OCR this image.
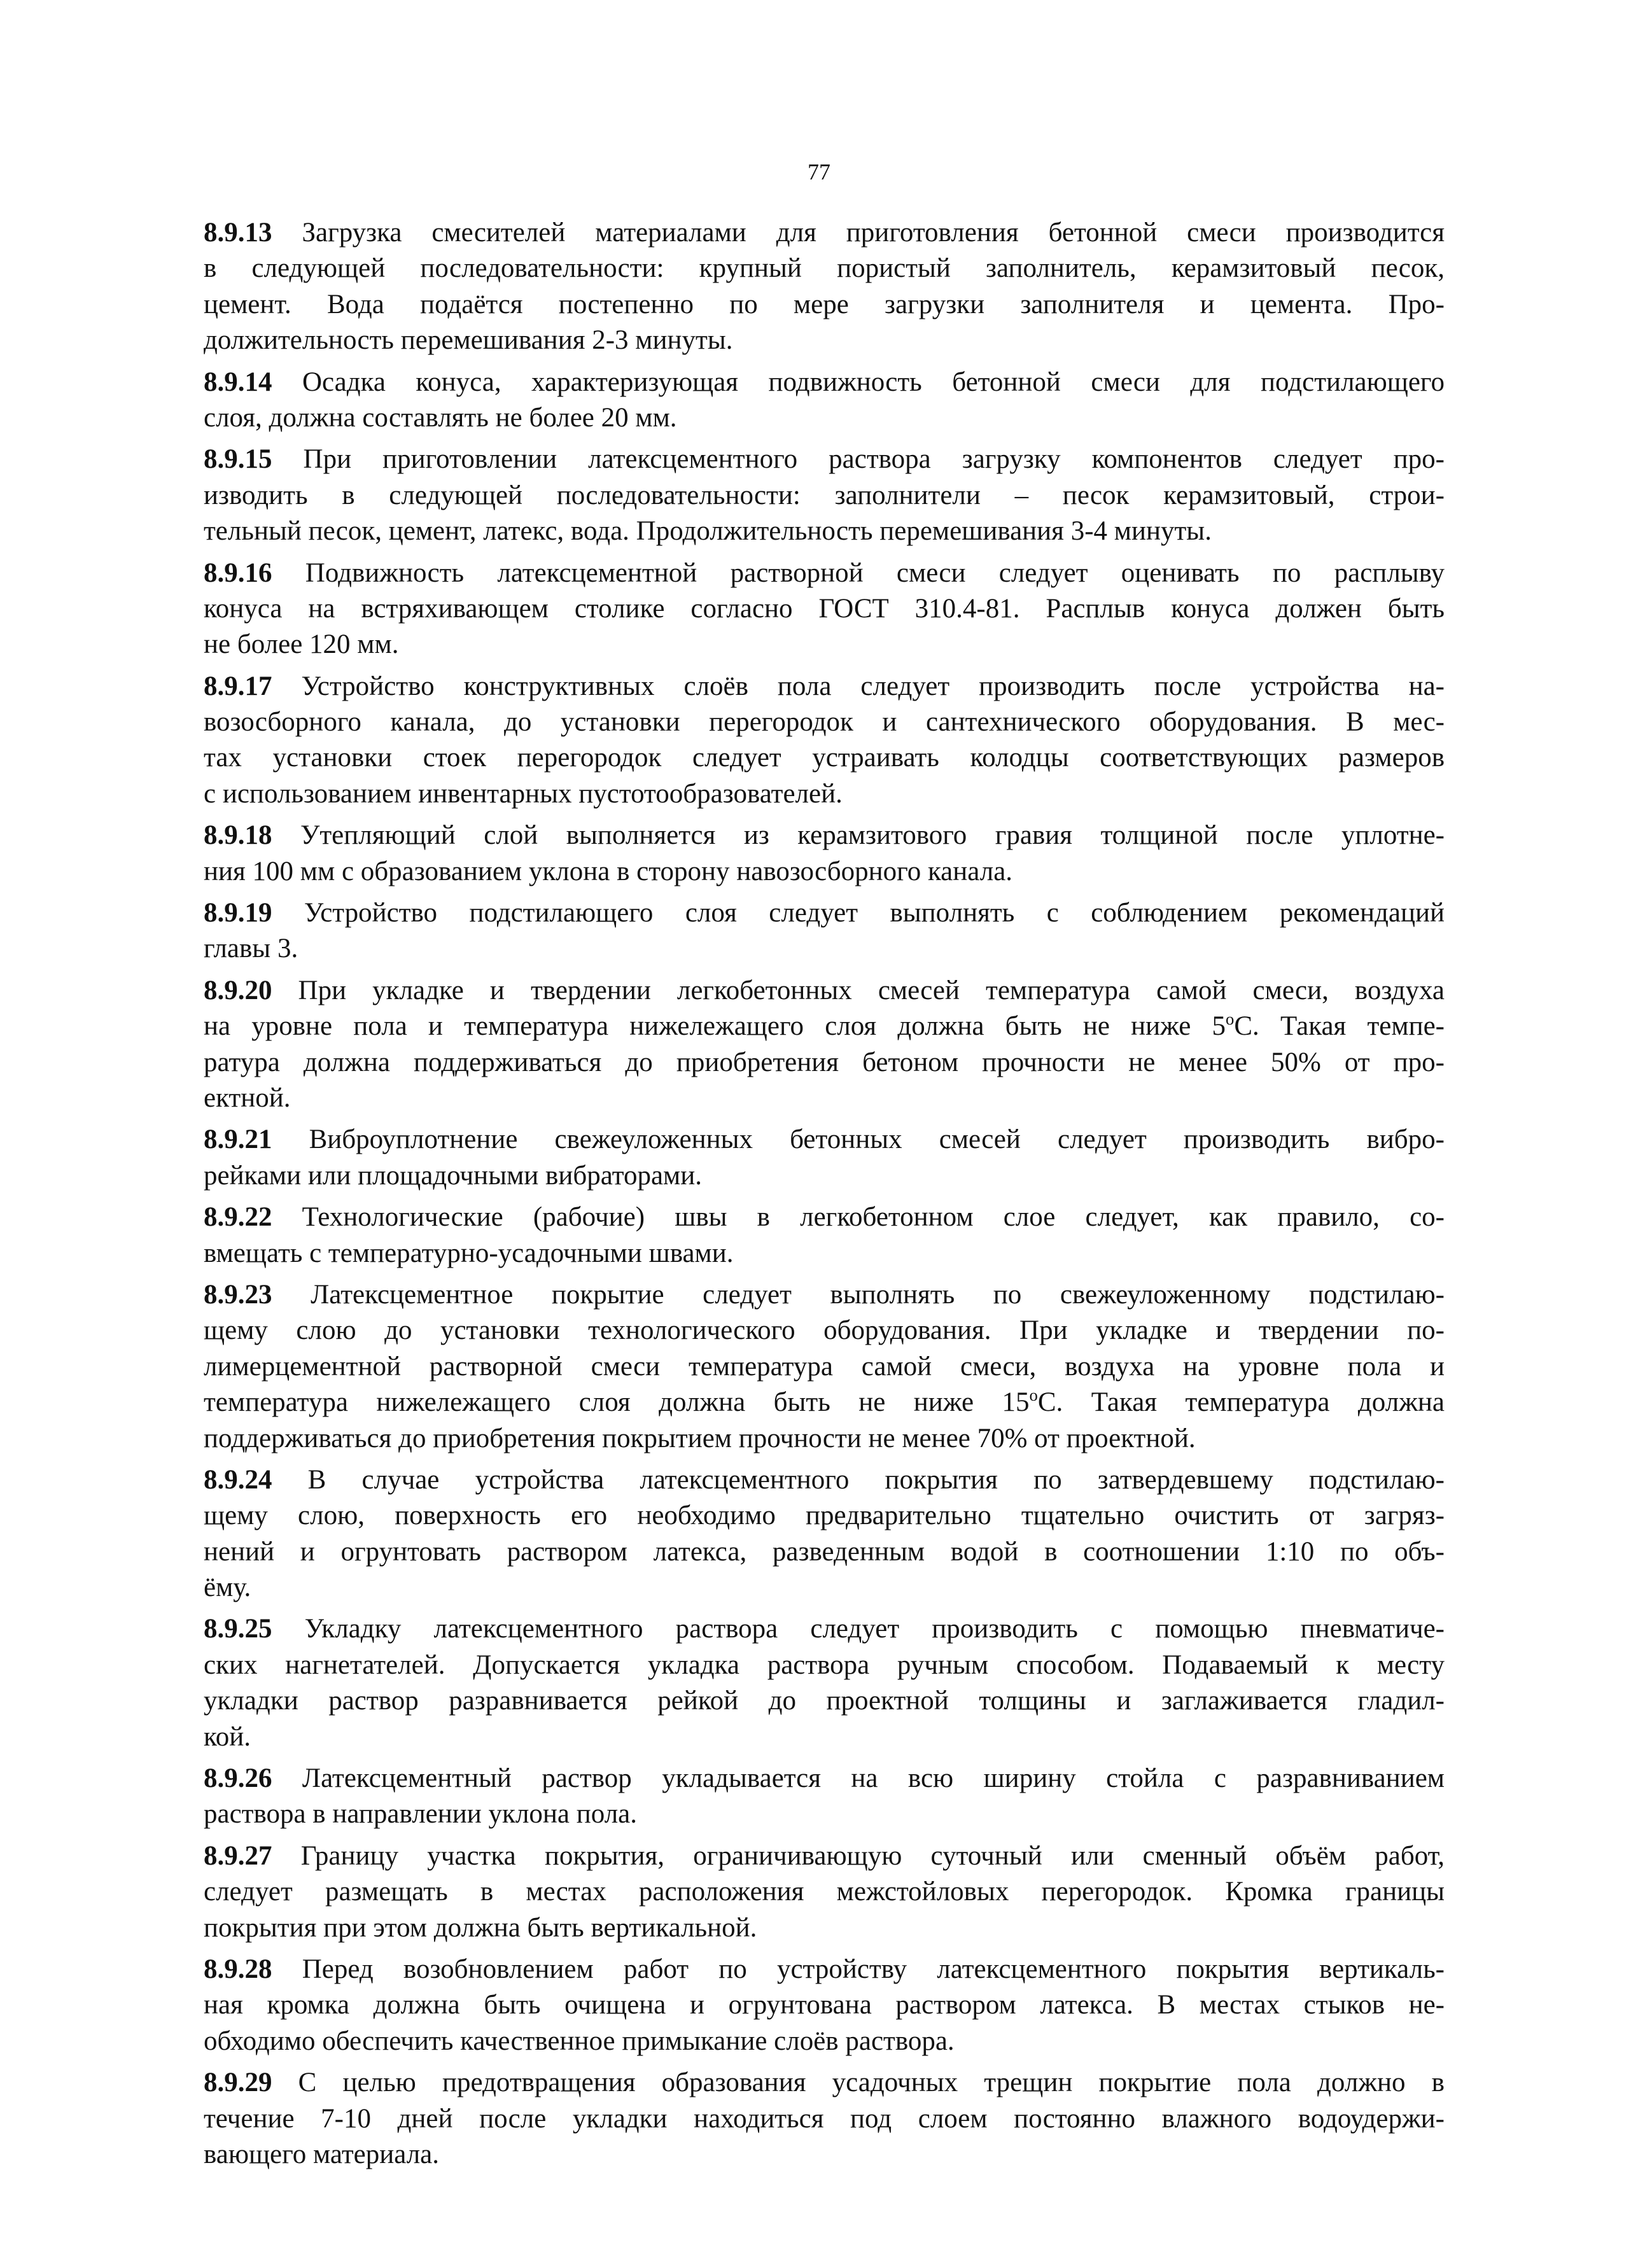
77
8.9.13 Загрузка смесителей материалами для приготовления бетонной смеси производится
в следующей последовательности: крупный пористый заполнитель, керамзитовый песок,
цемент. Вода подаётся постепенно по мере загрузки заполнителя и цемента. Про-
должительность перемешивания 2-3 минуты.
8.9.14 Осадка конуса, характеризующая подвижность бетонной смеси для подстилающего
слоя, должна составлять не более 20 мм.
8.9.15 При приготовлении латексцементного раствора загрузку компонентов следует про-
изводить в следующей последовательности: заполнители – песок керамзитовый, строи-
тельный песок, цемент, латекс, вода. Продолжительность перемешивания 3-4 минуты.
8.9.16 Подвижность латексцементной растворной смеси следует оценивать по расплыву
конуса на встряхивающем столике согласно ГОСТ 310.4-81. Расплыв конуса должен быть
не более 120 мм.
8.9.17 Устройство конструктивных слоёв пола следует производить после устройства на-
возосборного канала, до установки перегородок и сантехнического оборудования. В мес-
тах установки стоек перегородок следует устраивать колодцы соответствующих размеров
с использованием инвентарных пустотообразователей.
8.9.18 Утепляющий слой выполняется из керамзитового гравия толщиной после уплотне-
ния 100 мм с образованием уклона в сторону навозосборного канала.
8.9.19 Устройство подстилающего слоя следует выполнять с соблюдением рекомендаций
главы 3.
8.9.20 При укладке и твердении легкобетонных смесей температура самой смеси, воздуха
на уровне пола и температура нижележащего слоя должна быть не ниже 5$^o$С. Такая темпе-
ратура должна поддерживаться до приобретения бетоном прочности не менее 50% от про-
ектной.
8.9.21 Виброуплотнение свежеуложенных бетонных смесей следует производить вибро-
рейками или площадочными вибраторами.
8.9.22 Технологические (рабочие) швы в легкобетонном слое следует, как правило, со-
вмещать с температурно-усадочными швами.
8.9.23 Латексцементное покрытие следует выполнять по свежеуложенному подстилаю-
щему слою до установки технологического оборудования. При укладке и твердении по-
лимерцементной растворной смеси температура самой смеси, воздуха на уровне пола и
температура нижележащего слоя должна быть не ниже 15$^o$С. Такая температура должна
поддерживаться до приобретения покрытием прочности не менее 70% от проектной.
8.9.24 В случае устройства латексцементного покрытия по затвердевшему подстилаю-
щему слою, поверхность его необходимо предварительно тщательно очистить от загряз-
нений и огрунтовать раствором латекса, разведенным водой в соотношении 1:10 по объ-
ёму.
8.9.25 Укладку латексцементного раствора следует производить с помощью пневматиче-
ских нагнетателей. Допускается укладка раствора ручным способом. Подаваемый к месту
укладки раствор разравнивается рейкой до проектной толщины и заглаживается гладил-
кой.
8.9.26 Латексцементный раствор укладывается на всю ширину стойла с разравниванием
раствора в направлении уклона пола.
8.9.27 Границу участка покрытия, ограничивающую суточный или сменный объём работ,
следует размещать в местах расположения межстойловых перегородок. Кромка границы
покрытия при этом должна быть вертикальной.
8.9.28 Перед возобновлением работ по устройству латексцементного покрытия вертикаль-
ная кромка должна быть очищена и огрунтована раствором латекса. В местах стыков не-
обходимо обеспечить качественное примыкание слоёв раствора.
8.9.29 С целью предотвращения образования усадочных трещин покрытие пола должно в
течение 7-10 дней после укладки находиться под слоем постоянно влажного водоудержи-
вающего материала.
